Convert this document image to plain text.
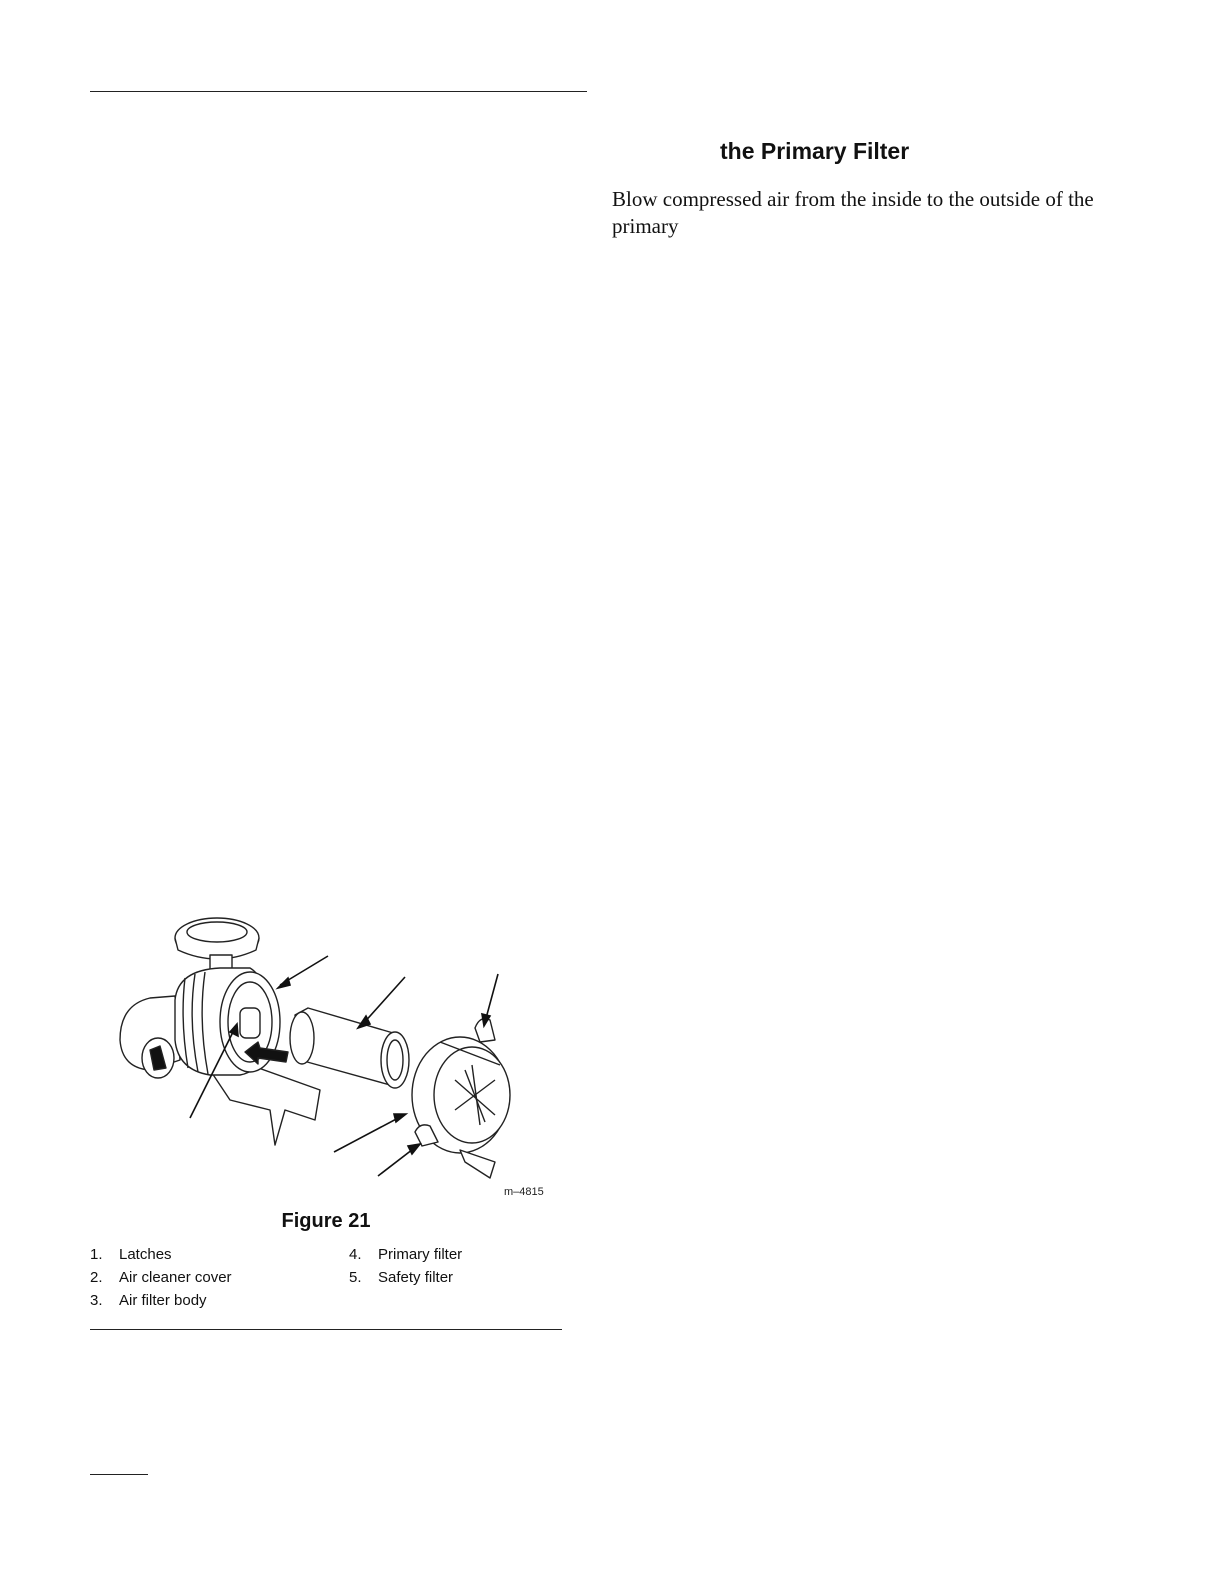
the Primary Filter
Blow compressed air from the inside to the outside of the primary
m–4815
Figure 21
1. Latches
2. Air cleaner cover
3. Air filter body
4. Primary filter
5. Safety filter
